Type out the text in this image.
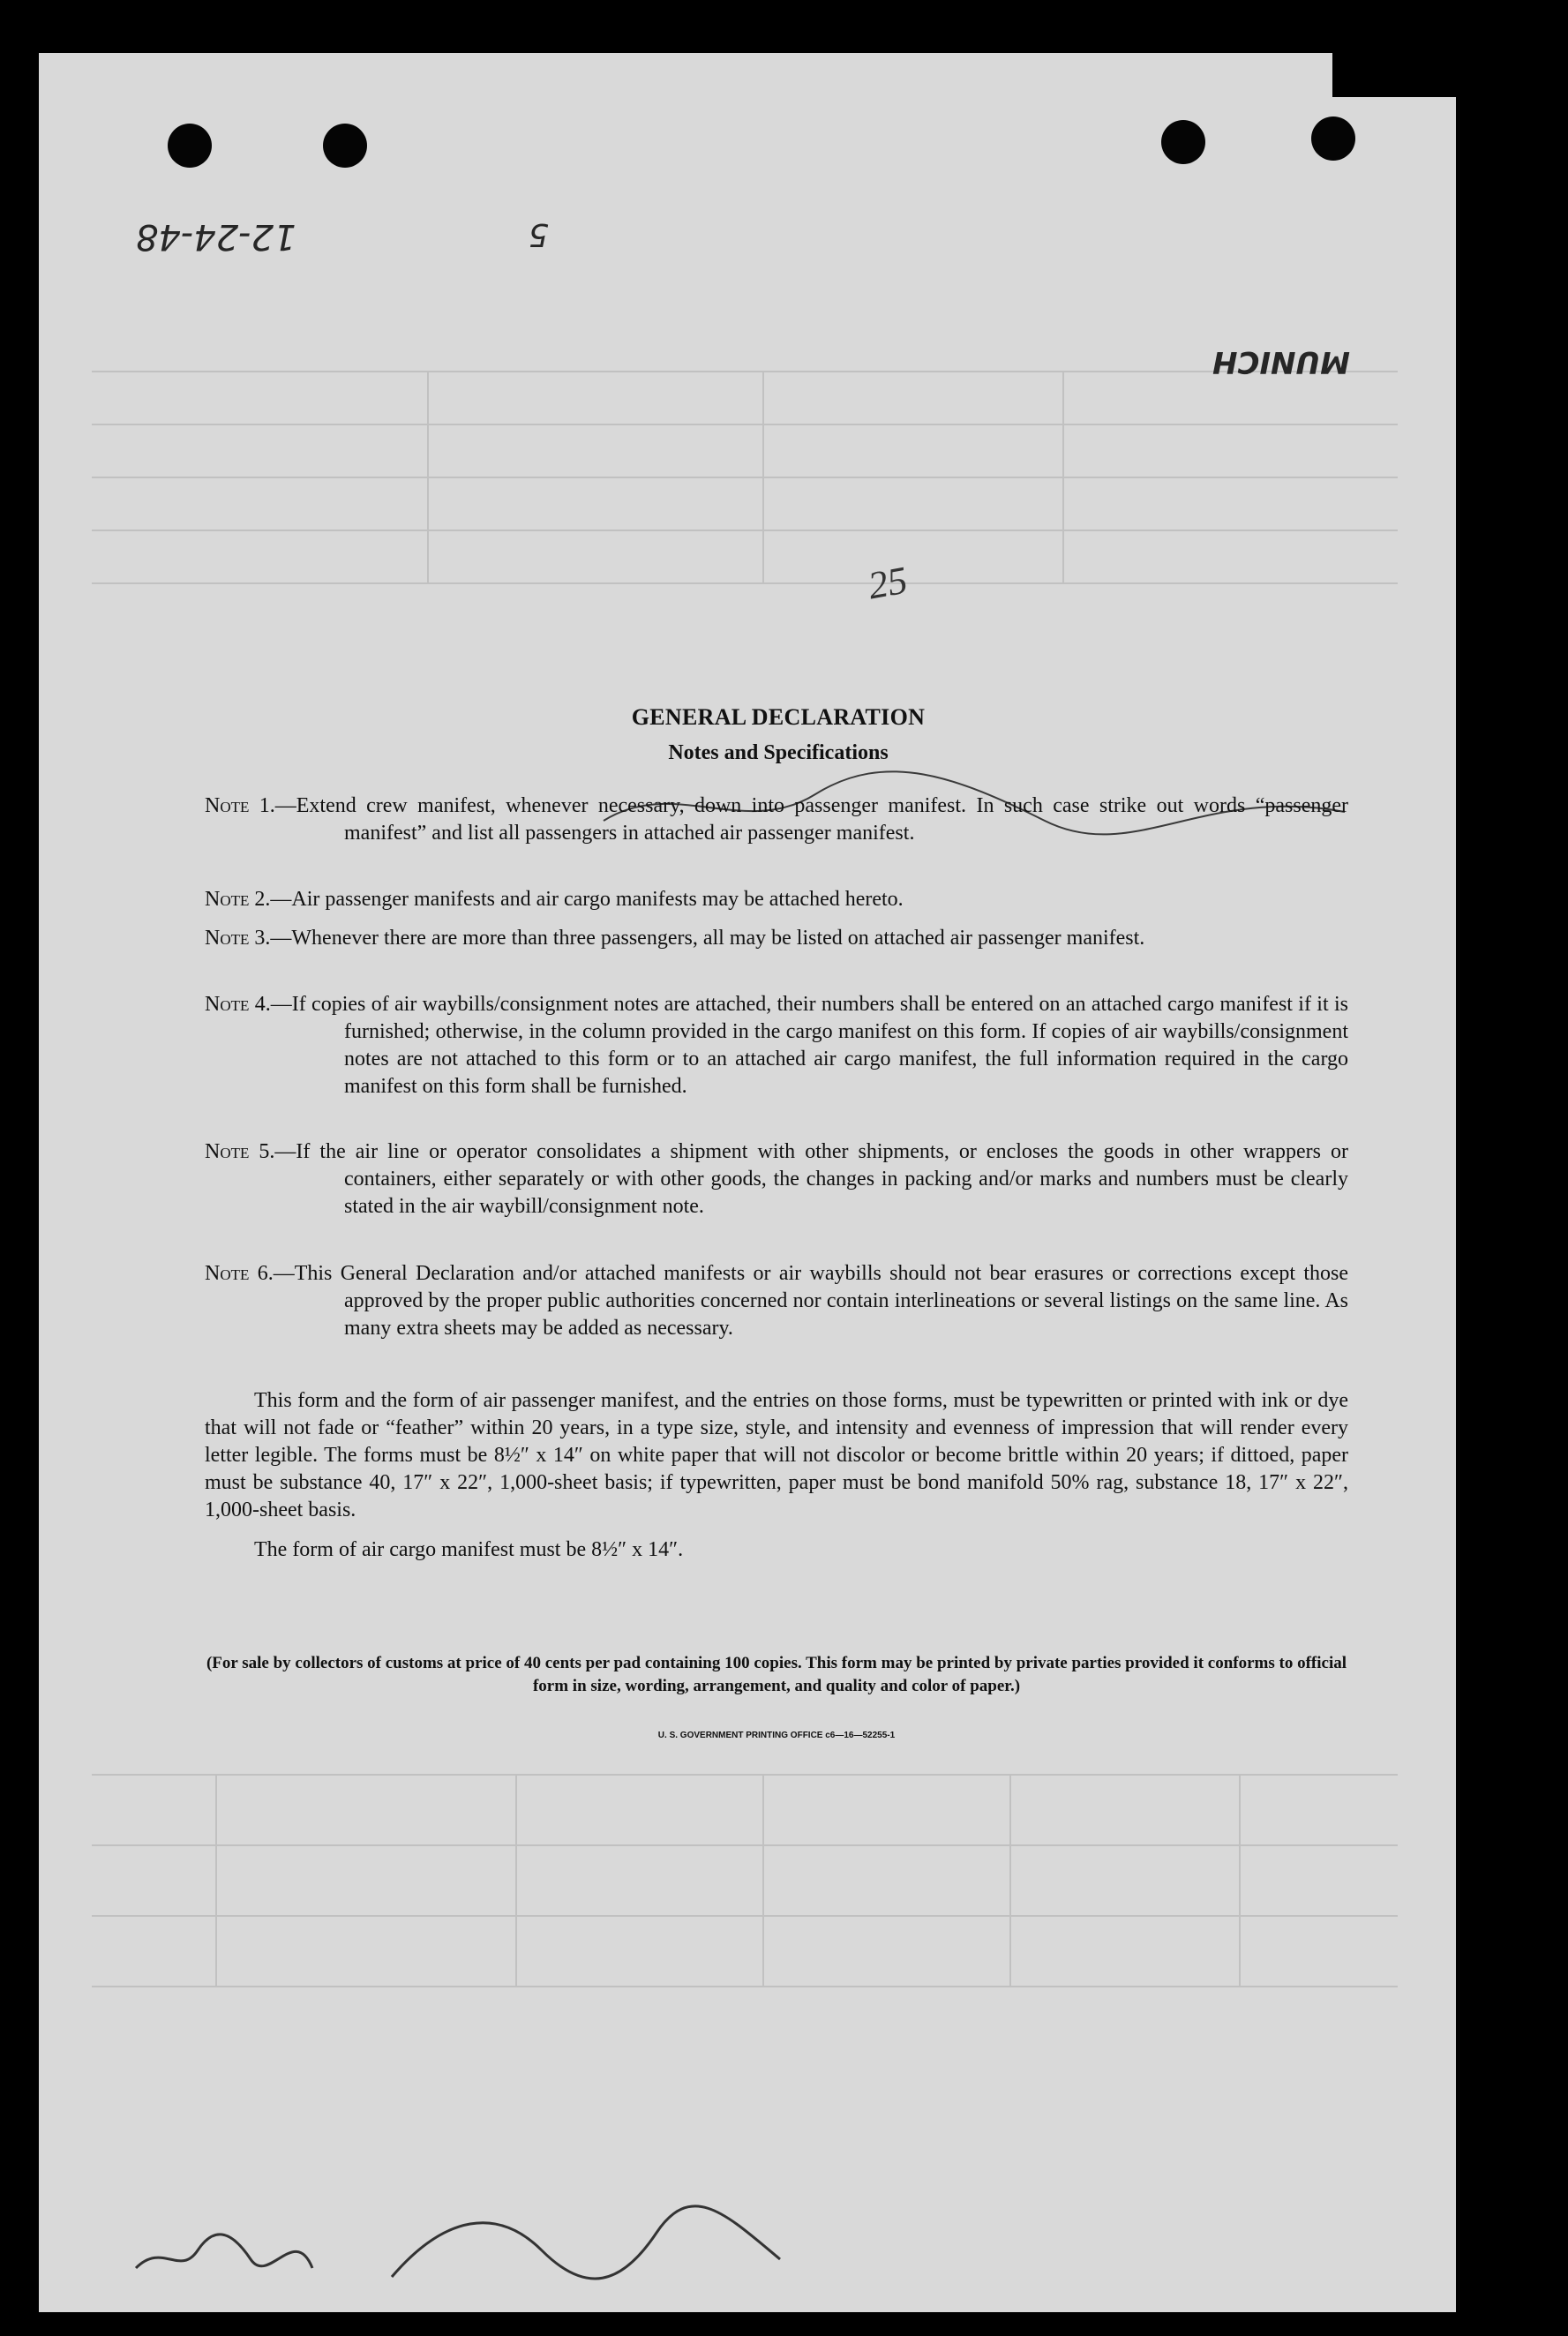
12-24-48	5
MUNICH
25
GENERAL DECLARATION
Notes and Specifications
Note 1.—Extend crew manifest, whenever necessary, down into passenger manifest. In such case strike out words “passenger manifest” and list all passengers in attached air passenger manifest.
Note 2.—Air passenger manifests and air cargo manifests may be attached hereto.
Note 3.—Whenever there are more than three passengers, all may be listed on attached air passenger manifest.
Note 4.—If copies of air waybills/consignment notes are attached, their numbers shall be entered on an attached cargo manifest if it is furnished; otherwise, in the column provided in the cargo manifest on this form. If copies of air waybills/consignment notes are not attached to this form or to an attached air cargo manifest, the full information required in the cargo manifest on this form shall be furnished.
Note 5.—If the air line or operator consolidates a shipment with other shipments, or encloses the goods in other wrappers or containers, either separately or with other goods, the changes in packing and/or marks and numbers must be clearly stated in the air waybill/consignment note.
Note 6.—This General Declaration and/or attached manifests or air waybills should not bear erasures or corrections except those approved by the proper public authorities concerned nor contain interlineations or several listings on the same line. As many extra sheets may be added as necessary.
This form and the form of air passenger manifest, and the entries on those forms, must be typewritten or printed with ink or dye that will not fade or “feather” within 20 years, in a type size, style, and intensity and evenness of impression that will render every letter legible. The forms must be 8½″ x 14″ on white paper that will not discolor or become brittle within 20 years; if dittoed, paper must be substance 40, 17″ x 22″, 1,000-sheet basis; if typewritten, paper must be bond manifold 50% rag, substance 18, 17″ x 22″, 1,000-sheet basis.
The form of air cargo manifest must be 8½″ x 14″.
(For sale by collectors of customs at price of 40 cents per pad containing 100 copies. This form may be printed by private parties provided it conforms to official form in size, wording, arrangement, and quality and color of paper.)
U. S. GOVERNMENT PRINTING OFFICE c6—16—52255-1
